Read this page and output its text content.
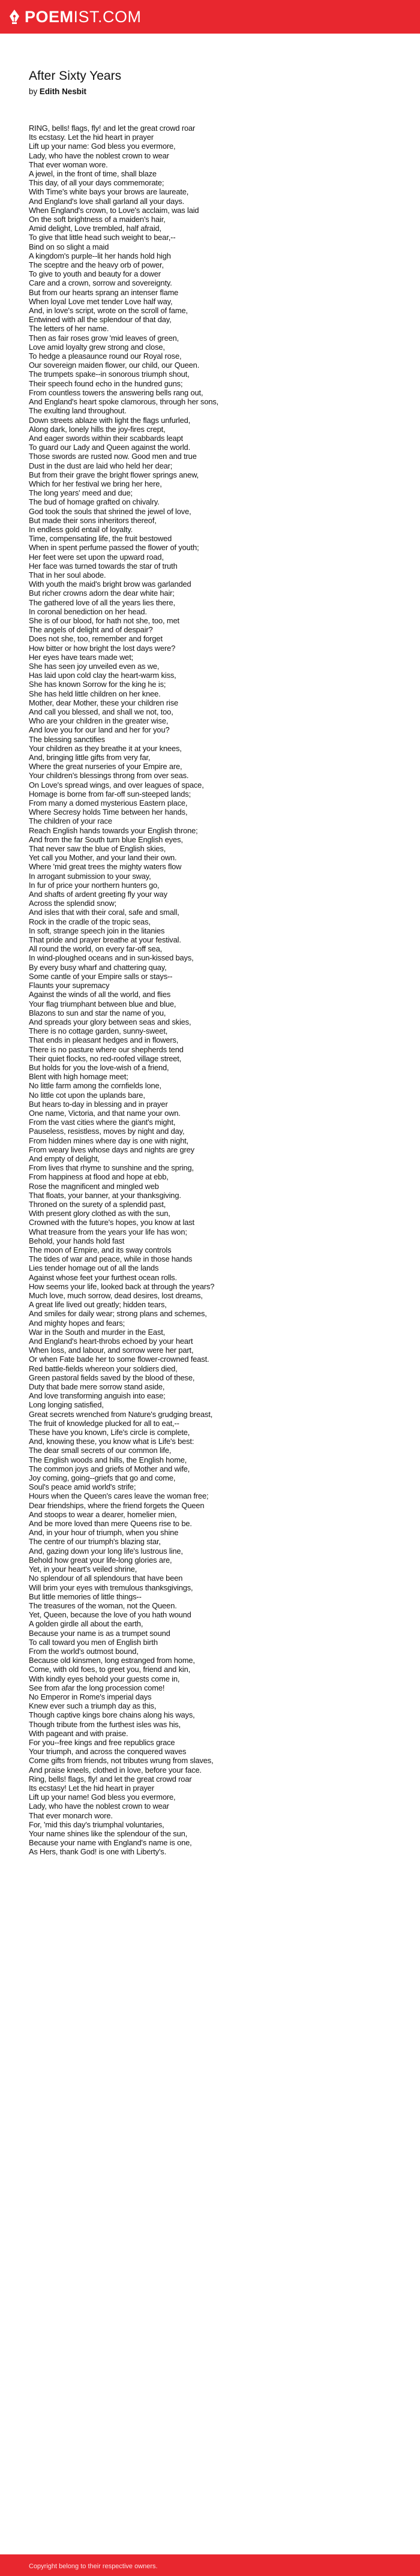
POEMIST.COM
After Sixty Years
by Edith Nesbit
RING, bells! flags, fly! and let the great crowd roar
Its ecstasy. Let the hid heart in prayer
Lift up your name: God bless you evermore,
Lady, who have the noblest crown to wear
That ever woman wore.
A jewel, in the front of time, shall blaze
This day, of all your days commemorate;
With Time's white bays your brows are laureate,
And England's love shall garland all your days.
When England's crown, to Love's acclaim, was laid
On the soft brightness of a maiden's hair,
Amid delight, Love trembled, half afraid,
To give that little head such weight to bear,--
Bind on so slight a maid
A kingdom's purple--lit her hands hold high
The sceptre and the heavy orb of power,
To give to youth and beauty for a dower
Care and a crown, sorrow and sovereignty.
But from our hearts sprang an intenser flame
When loyal Love met tender Love half way,
And, in love's script, wrote on the scroll of fame,
Entwined with all the splendour of that day,
The letters of her name.
Then as fair roses grow 'mid leaves of green,
Love amid loyalty grew strong and close,
To hedge a pleasaunce round our Royal rose,
Our sovereign maiden flower, our child, our Queen.
The trumpets spake--in sonorous triumph shout,
Their speech found echo in the hundred guns;
From countless towers the answering bells rang out,
And England's heart spoke clamorous, through her sons,
The exulting land throughout.
Down streets ablaze with light the flags unfurled,
Along dark, lonely hills the joy-fires crept,
And eager swords within their scabbards leapt
To guard our Lady and Queen against the world.
Those swords are rusted now. Good men and true
Dust in the dust are laid who held her dear;
But from their grave the bright flower springs anew,
Which for her festival we bring her here,
The long years' meed and due;
The bud of homage grafted on chivalry.
God took the souls that shrined the jewel of love,
But made their sons inheritors thereof,
In endless gold entail of loyalty.
Time, compensating life, the fruit bestowed
When in spent perfume passed the flower of youth;
Her feet were set upon the upward road,
Her face was turned towards the star of truth
That in her soul abode.
With youth the maid's bright brow was garlanded
But richer crowns adorn the dear white hair;
The gathered love of all the years lies there,
In coronal benediction on her head.
She is of our blood, for hath not she, too, met
The angels of delight and of despair?
Does not she, too, remember and forget
How bitter or how bright the lost days were?
Her eyes have tears made wet;
She has seen joy unveiled even as we,
Has laid upon cold clay the heart-warm kiss,
She has known Sorrow for the king he is;
She has held little children on her knee.
Mother, dear Mother, these your children rise
And call you blessed, and shall we not, too,
Who are your children in the greater wise,
And love you for our land and her for you?
The blessing sanctifies
Your children as they breathe it at your knees,
And, bringing little gifts from very far,
Where the great nurseries of your Empire are,
Your children's blessings throng from over seas.
On Love's spread wings, and over leagues of space,
Homage is borne from far-off sun-steeped lands;
From many a domed mysterious Eastern place,
Where Secresy holds Time between her hands,
The children of your race
Reach English hands towards your English throne;
And from the far South turn blue English eyes,
That never saw the blue of English skies,
Yet call you Mother, and your land their own.
Where 'mid great trees the mighty waters flow
In arrogant submission to your sway,
In fur of price your northern hunters go,
And shafts of ardent greeting fly your way
Across the splendid snow;
And isles that with their coral, safe and small,
Rock in the cradle of the tropic seas,
In soft, strange speech join in the litanies
That pride and prayer breathe at your festival.
All round the world, on every far-off sea,
In wind-ploughed oceans and in sun-kissed bays,
By every busy wharf and chattering quay,
Some cantle of your Empire salls or stays--
Flaunts your supremacy
Against the winds of all the world, and flies
Your flag triumphant between blue and blue,
Blazons to sun and star the name of you,
And spreads your glory between seas and skies,
There is no cottage garden, sunny-sweet,
That ends in pleasant hedges and in flowers,
There is no pasture where our shepherds tend
Their quiet flocks, no red-roofed village street,
But holds for you the love-wish of a friend,
Blent with high homage meet;
No little farm among the cornfields lone,
No little cot upon the uplands bare,
But hears to-day in blessing and in prayer
One name, Victoria, and that name your own.
From the vast cities where the giant's might,
Pauseless, resistless, moves by night and day,
From hidden mines where day is one with night,
From weary lives whose days and nights are grey
And empty of delight,
From lives that rhyme to sunshine and the spring,
From happiness at flood and hope at ebb,
Rose the magnificent and mingled web
That floats, your banner, at your thanksgiving.
Throned on the surety of a splendid past,
With present glory clothed as with the sun,
Crowned with the future's hopes, you know at last
What treasure from the years your life has won;
Behold, your hands hold fast
The moon of Empire, and its sway controls
The tides of war and peace, while in those hands
Lies tender homage out of all the lands
Against whose feet your furthest ocean rolls.
How seems your life, looked back at through the years?
Much love, much sorrow, dead desires, lost dreams,
A great life lived out greatly; hidden tears,
And smiles for daily wear; strong plans and schemes,
And mighty hopes and fears;
War in the South and murder in the East,
And England's heart-throbs echoed by your heart
When loss, and labour, and sorrow were her part,
Or when Fate bade her to some flower-crowned feast.
Red battle-fields whereon your soldiers died,
Green pastoral fields saved by the blood of these,
Duty that bade mere sorrow stand aside,
And love transforming anguish into ease;
Long longing satisfied,
Great secrets wrenched from Nature's grudging breast,
The fruit of knowledge plucked for all to eat,--
These have you known, Life's circle is complete,
And, knowing these, you know what is Life's best:
The dear small secrets of our common life,
The English woods and hills, the English home,
The common joys and griefs of Mother and wife,
Joy coming, going--griefs that go and come,
Soul's peace amid world's strife;
Hours when the Queen's cares leave the woman free;
Dear friendships, where the friend forgets the Queen
And stoops to wear a dearer, homelier mien,
And be more loved than mere Queens rise to be.
And, in your hour of triumph, when you shine
The centre of our triumph's blazing star,
And, gazing down your long life's lustrous line,
Behold how great your life-long glories are,
Yet, in your heart's veiled shrine,
No splendour of all splendours that have been
Will brim your eyes with tremulous thanksgivings,
But little memories of little things--
The treasures of the woman, not the Queen.
Yet, Queen, because the love of you hath wound
A golden girdle all about the earth,
Because your name is as a trumpet sound
To call toward you men of English birth
From the world's outmost bound,
Because old kinsmen, long estranged from home,
Come, with old foes, to greet you, friend and kin,
With kindly eyes behold your guests come in,
See from afar the long procession come!
No Emperor in Rome's imperial days
Knew ever such a triumph day as this,
Though captive kings bore chains along his ways,
Though tribute from the furthest isles was his,
With pageant and with praise.
For you--free kings and free republics grace
Your triumph, and across the conquered waves
Come gifts from friends, not tributes wrung from slaves,
And praise kneels, clothed in love, before your face.
Ring, bells! flags, fly! and let the great crowd roar
Its ecstasy! Let the hid heart in prayer
Lift up your name! God bless you evermore,
Lady, who have the noblest crown to wear
That ever monarch wore.
For, 'mid this day's triumphal voluntaries,
Your name shines like the splendour of the sun,
Because your name with England's name is one,
As Hers, thank God! is one with Liberty's.
Copyright belong to their respective owners.
